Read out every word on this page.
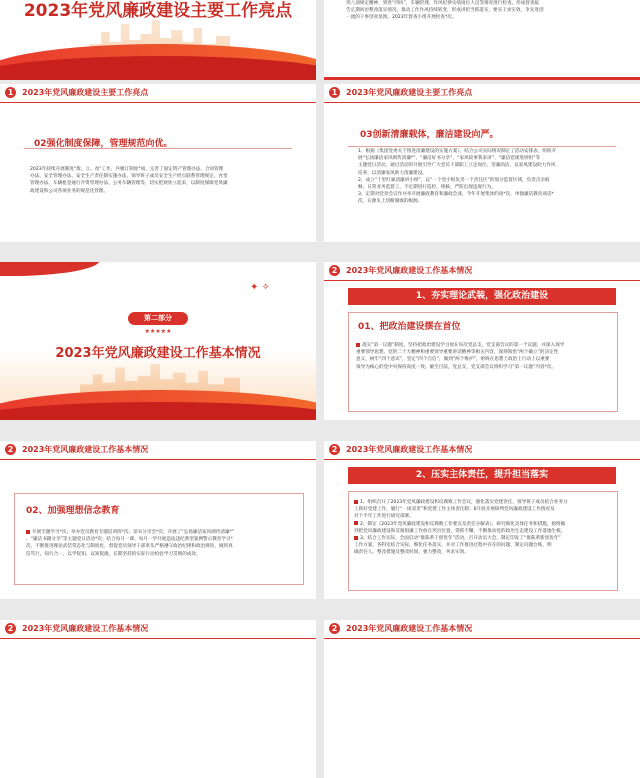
2023年党风廉政建设主要工作亮点	突八项规定精神，到进“四风”，车辆管理、作风纪律实绩岗位人员等情况进行检查，形成督查报
告定期回访整改落实情况，推动工作作风持续转变，形成讲担当抓落实，要实干求实效，争先进创
一流的干事创业氛围。2023年督查小组开展检查*次。
1	2023年党风廉政建设主要工作亮点
02强化制度保障，管理规范向优。
2023年持续开展制度“废、立、改”工作，共梳订制度*项，完善了固定资产管理办法、合同管理
办法、安全管理办法、安全生产责任制实施办法，领导班子成员安全生产经点联系管理规定、食堂
管理办法、车辆租金通行介资管理办法、公务车辆管理等，切实把规矩立起来，以制度保障党风廉
政建设和公司各项业务的规范化管理。
1	2023年党风廉政建设主要工作亮点
03创新清廉载体，廉洁建设向严。
1、根据《集团党委关于推进清廉建设的实施方案》，结合公司实际情况制定了活动安排表，组织开
展“弘扬廉洁家风颂传清廉*”、“廉洁好书分享”、“家风故事我来讲”、“廉洁党课进班组”等
主题党日活动，通过活动的开展引导广大党员干部职工立足岗位、崇廉尚洁，以家风建设助力作风
培养，以清廉家风助力清廉建设。
2、成立“十里红廊清廉讲小组”，以“一个党小组负责一个责任区”的划分监督区域，负责点亲痕
帧、日常业务监督工，不定期进行巡检、规核，严防出现违规行为。
3、定期对党章会议作并举开展廉政教育和廉政会谈，今年开展集体约谈*次，单独廉洁教育谈话*
次，在源头上切断腐败的根源。
✦ ✧
第二部分
★★★★★
2023年党风廉政建设工作基本情况
2	2023年党风廉政建设工作基本情况
1、夯实理论武装，强化政治建设
01、把政治建设摆在首位
落实“第一议题”制度。坚持把政治建设学习放在每次党总支、党支部会议的第一个议题，并深入领学
重要领导思想、党的二十大精神和重要领导重要讲话精神等相关内容，深刻领悟“两个确立”的决定性
意义，树牢“四个意识”，坚定“四个自信”，做到“两个维护”，始终在思想上政治上行动上以重要
领导为核心的党中央保持高度一致。截至目前，党总支、党支部会议组织学习“第一议题”内容*次。
2	2023年党风廉政建设工作基本情况
02、加强理想信念教育
开展专题学习*次；举办党员教育专题培训班*次；读书分享会*次；开展了“弘扬廉洁家风颂传清廉*”
、“廉洁书籍分享”等主题党日活动*次；结合每月一课、每月一学开展违法违纪典型案例警示教育学习*
次，不断推进理论武装常态化与制度化，督促党员领导干部率头严格遵守政治纪律和政治规矩，做到真
信笃行、知行合一，以学促知、以知促做，长期坚持的实际行动检验学习贯彻的成效。
2	2023年党风廉政建设工作基本情况
2、压实主体责任，提升担当落实
1、组织召开了2023年党风廉政建设和反腐败工作会议，强化落实党建责任，领导班子成员结合业务分
工抓好党建工作，履行“一岗双责”和党建工作主体责任制；6月底开展研判党风廉政建设工作情况及
对下半年工作进行研究部署。
2、制定《2023年党风廉政建设和反腐败工作要点及责任分解表》，研究细化具体任务和措施，始终做
到把党风廉政建设和反腐倡廉工作放在突出位置，常抓不懈，不断推动党的政治生态建设工作落地生根。
3、结合工作实际，全面启动“推陈革干创优年”活动，召开动员大会，制定印发了“推陈革新创优年”
工作方案，各科室结合实际，细化任务落实，并对工作推进过程中存在的问题，制定问题台账，明
确责任人、整改措施及整改时间，强力整改，务求实效。
2	2023年党风廉政建设工作基本情况	2	2023年党风廉政建设工作基本情况
